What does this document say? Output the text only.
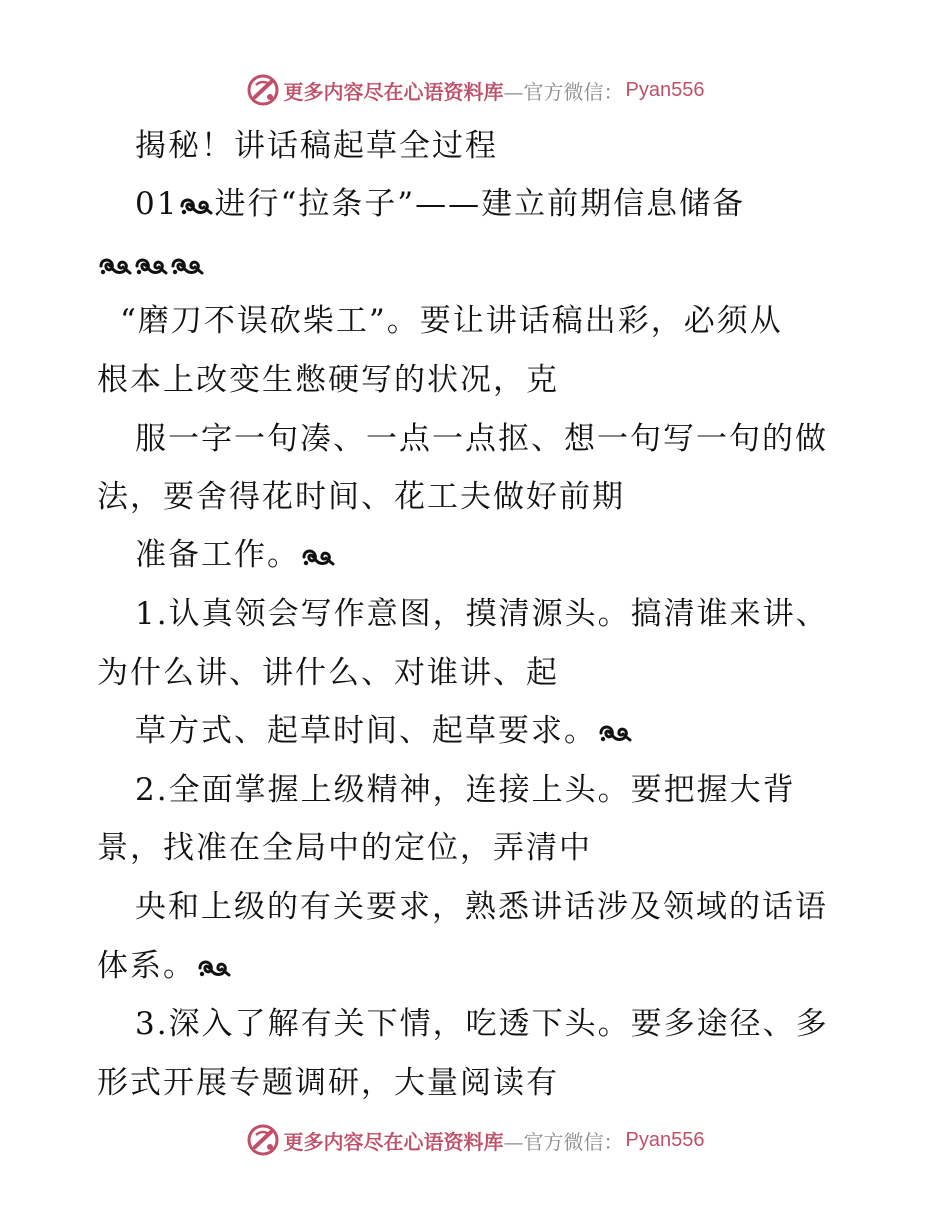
更多内容尽在心语资料库 —官方微信： Pyan556
揭秘！讲话稿起草全过程
01 进行“拉条子”——建立前期信息储备
“磨刀不误砍柴工”。要让讲话稿出彩，必须从
根本上改变生憋硬写的状况，克
服一字一句凑、一点一点抠、想一句写一句的做
法，要舍得花时间、花工夫做好前期
准备工作。
1.认真领会写作意图，摸清源头。搞清谁来讲、
为什么讲、讲什么、对谁讲、起
草方式、起草时间、起草要求。
2.全面掌握上级精神，连接上头。要把握大背
景，找准在全局中的定位，弄清中
央和上级的有关要求，熟悉讲话涉及领域的话语
体系。
3.深入了解有关下情，吃透下头。要多途径、多
形式开展专题调研，大量阅读有
更多内容尽在心语资料库 —官方微信： Pyan556
